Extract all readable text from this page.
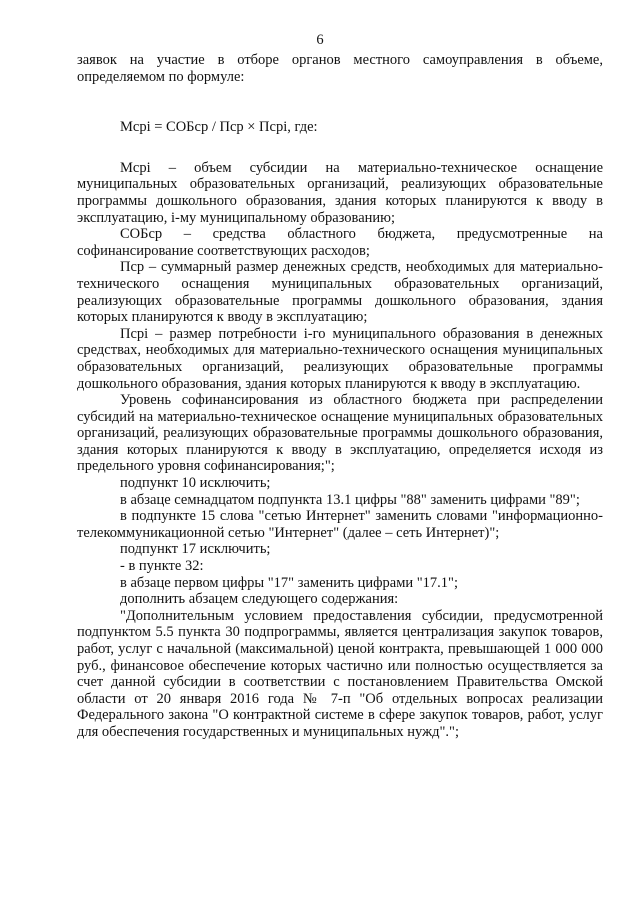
6

заявок на участие в отборе органов местного самоуправления в объеме, определяемом по формуле:

Mсрі = СОБср / Пср × Пcpi, где:

Mсрі – объем субсидии на материально-техническое оснащение муниципальных образовательных организаций, реализующих образовательные программы дошкольного образования, здания которых планируются к вводу в эксплуатацию, i-му муниципальному образованию;

СОБср – средства областного бюджета, предусмотренные на софинансирование соответствующих расходов;

Пср – суммарный размер денежных средств, необходимых для материально-технического оснащения муниципальных образовательных организаций, реализующих образовательные программы дошкольного образования, здания которых планируются к вводу в эксплуатацию;

Пcpi – размер потребности i-го муниципального образования в денежных средствах, необходимых для материально-технического оснащения муниципальных образовательных организаций, реализующих образовательные программы дошкольного образования, здания которых планируются к вводу в эксплуатацию.

Уровень софинансирования из областного бюджета при распределении субсидий на материально-техническое оснащение муниципальных образовательных организаций, реализующих образовательные программы дошкольного образования, здания которых планируются к вводу в эксплуатацию, определяется исходя из предельного уровня софинансирования;";

подпункт 10 исключить;

в абзаце семнадцатом подпункта 13.1 цифры "88" заменить цифрами "89";

в подпункте 15 слова "сетью Интернет" заменить словами "информационно-телекоммуникационной сетью "Интернет" (далее – сеть Интернет)";

подпункт 17 исключить;

- в пункте 32:

в абзаце первом цифры "17" заменить цифрами "17.1";

дополнить абзацем следующего содержания:

"Дополнительным условием предоставления субсидии, предусмотренной подпунктом 5.5 пункта 30 подпрограммы, является централизация закупок товаров, работ, услуг с начальной (максимальной) ценой контракта, превышающей 1 000 000 руб., финансовое обеспечение которых частично или полностью осуществляется за счет данной субсидии в соответствии с постановлением Правительства Омской области от 20 января 2016 года № 7-п "Об отдельных вопросах реализации Федерального закона "О контрактной системе в сфере закупок товаров, работ, услуг для обеспечения государственных и муниципальных нужд".";
